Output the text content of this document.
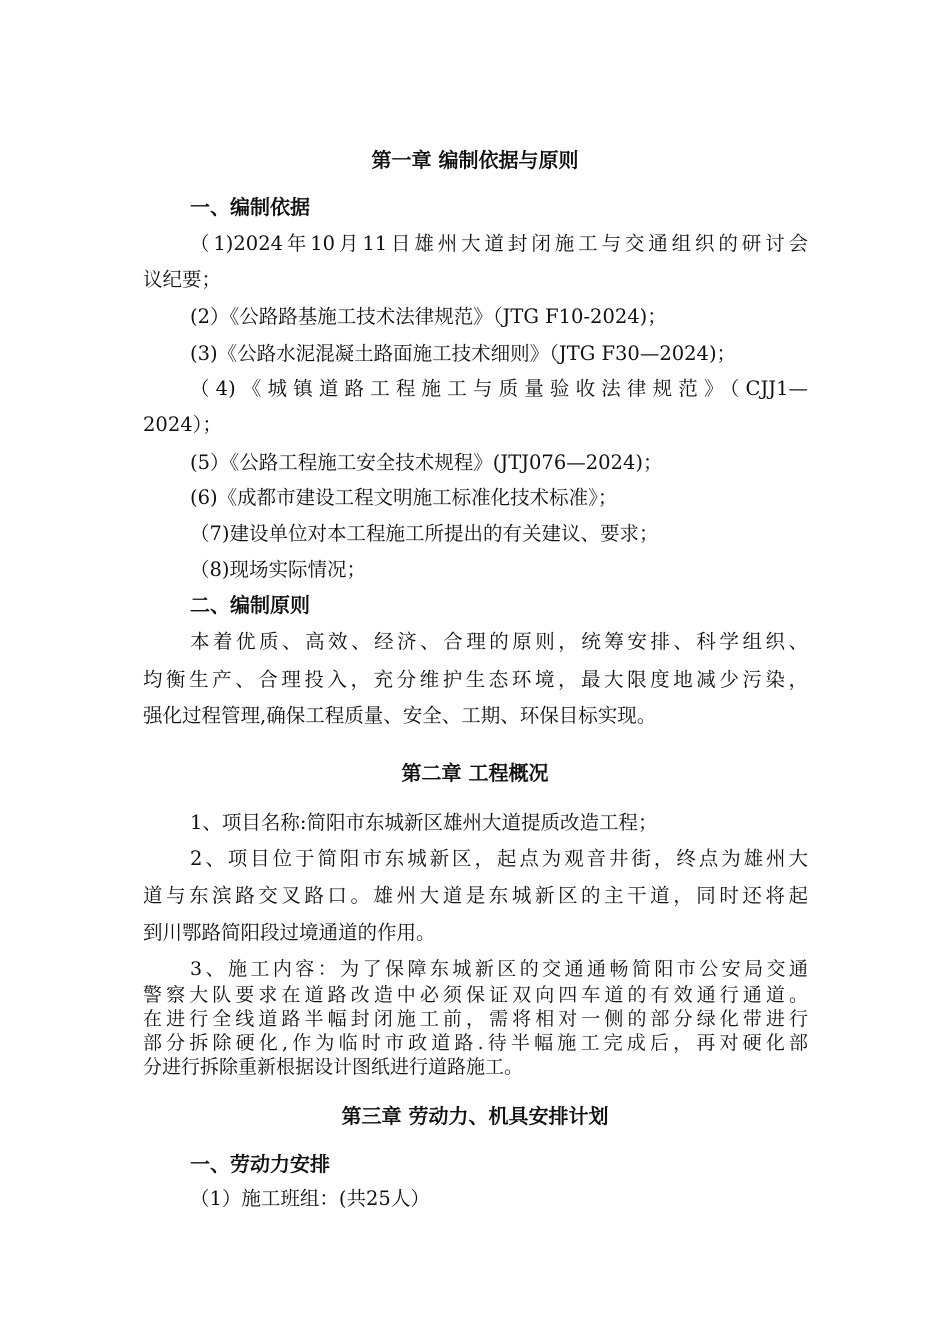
第一章 编制依据与原则
一、编制依据
（1)2024年10月11日雄州大道封闭施工与交通组织的研讨会
议纪要；
(2）《公路路基施工技术法律规范》（JTG F10-2024)；
(3)《公路水泥混凝土路面施工技术细则》（JTG F30—2024)；
（4)《城镇道路工程施工与质量验收法律规范》（CJJ1—
2024）；
(5）《公路工程施工安全技术规程》(JTJ076—2024)；
(6)《成都市建设工程文明施工标准化技术标准》；
（7)建设单位对本工程施工所提出的有关建议、要求；
（8)现场实际情况；
二、编制原则
本着优质、高效、经济、合理的原则，统筹安排、科学组织、
均衡生产、合理投入，充分维护生态环境，最大限度地减少污染，
强化过程管理,确保工程质量、安全、工期、环保目标实现。
第二章 工程概况
1、项目名称:简阳市东城新区雄州大道提质改造工程；
2、项目位于简阳市东城新区，起点为观音井街，终点为雄州大
道与东滨路交叉路口。雄州大道是东城新区的主干道，同时还将起
到川鄂路简阳段过境通道的作用。
3、施工内容：为了保障东城新区的交通通畅简阳市公安局交通
警察大队要求在道路改造中必须保证双向四车道的有效通行通道。
在进行全线道路半幅封闭施工前，需将相对一侧的部分绿化带进行
部分拆除硬化,作为临时市政道路.待半幅施工完成后，再对硬化部
分进行拆除重新根据设计图纸进行道路施工。
第三章 劳动力、机具安排计划
一、劳动力安排
（1）施工班组：(共25人）
